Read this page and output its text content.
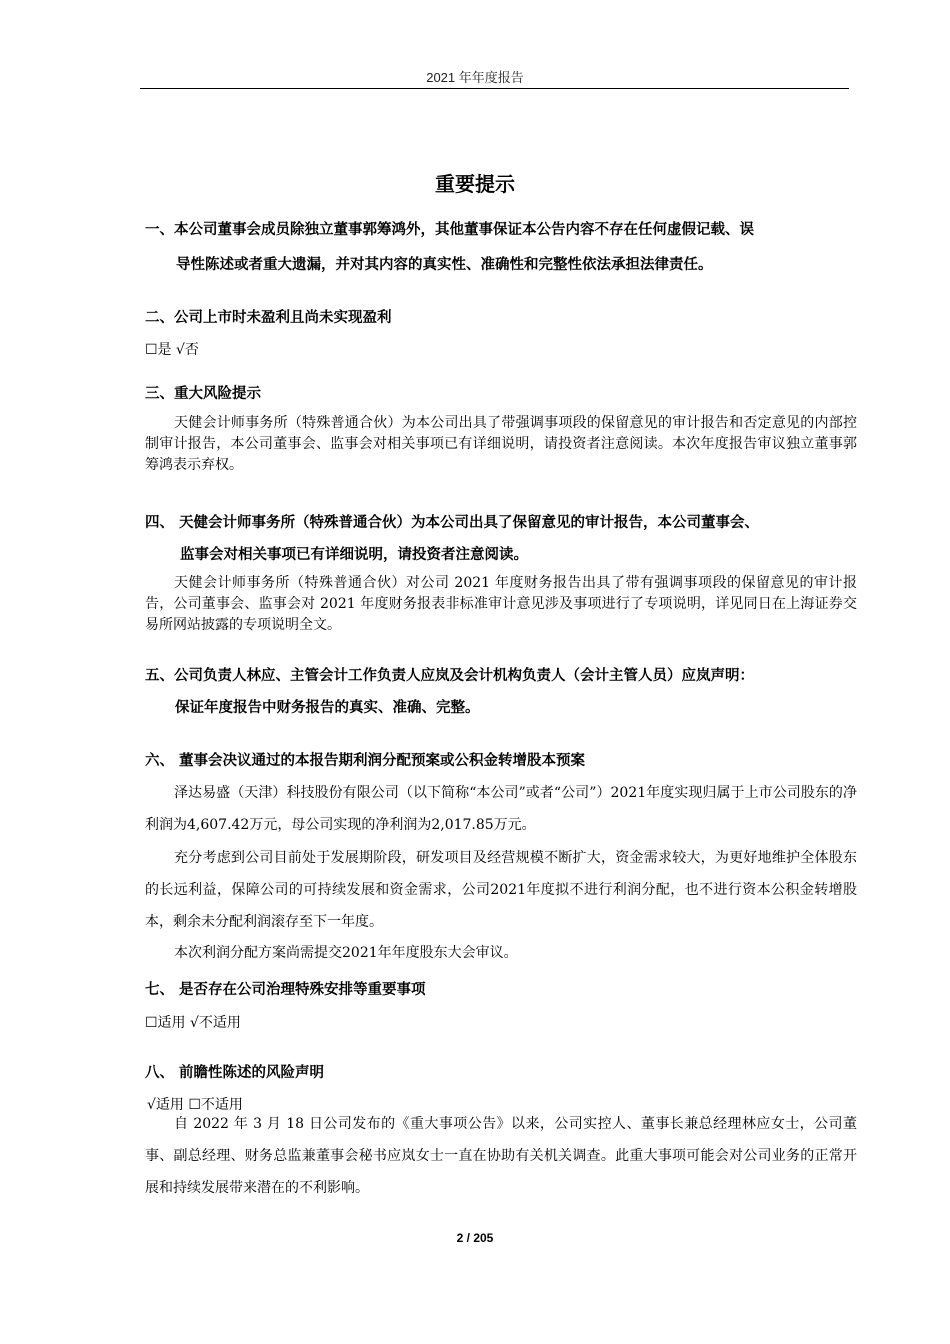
2021 年年度报告
重要提示
一、本公司董事会成员除独立董事郭筹鸿外，其他董事保证本公告内容不存在任何虚假记载、误
导性陈述或者重大遗漏，并对其内容的真实性、准确性和完整性依法承担法律责任。
二、公司上市时未盈利且尚未实现盈利
☐是 √否
三、重大风险提示
天健会计师事务所（特殊普通合伙）为本公司出具了带强调事项段的保留意见的审计报告和否定意见的内部控制审计报告，本公司董事会、监事会对相关事项已有详细说明，请投资者注意阅读。本次年度报告审议独立董事郭筹鸿表示弃权。
四、 天健会计师事务所（特殊普通合伙）为本公司出具了保留意见的审计报告，本公司董事会、
监事会对相关事项已有详细说明，请投资者注意阅读。
天健会计师事务所（特殊普通合伙）对公司 2021 年度财务报告出具了带有强调事项段的保留意见的审计报告，公司董事会、监事会对 2021 年度财务报表非标准审计意见涉及事项进行了专项说明，详见同日在上海证券交易所网站披露的专项说明全文。
五、公司负责人林应、主管会计工作负责人应岚及会计机构负责人（会计主管人员）应岚声明：
保证年度报告中财务报告的真实、准确、完整。
六、 董事会决议通过的本报告期利润分配预案或公积金转增股本预案
泽达易盛（天津）科技股份有限公司（以下简称“本公司”或者“公司”）2021年度实现归属于上市公司股东的净利润为4,607.42万元，母公司实现的净利润为2,017.85万元。
充分考虑到公司目前处于发展期阶段，研发项目及经营规模不断扩大，资金需求较大，为更好地维护全体股东的长远利益，保障公司的可持续发展和资金需求，公司2021年度拟不进行利润分配，也不进行资本公积金转增股本，剩余未分配利润滚存至下一年度。
本次利润分配方案尚需提交2021年年度股东大会审议。
七、 是否存在公司治理特殊安排等重要事项
☐适用 √不适用
八、 前瞻性陈述的风险声明
√适用 ☐不适用
自 2022 年 3 月 18 日公司发布的《重大事项公告》以来，公司实控人、董事长兼总经理林应女士，公司董事、副总经理、财务总监兼董事会秘书应岚女士一直在协助有关机关调查。此重大事项可能会对公司业务的正常开展和持续发展带来潜在的不利影响。
2 / 205
